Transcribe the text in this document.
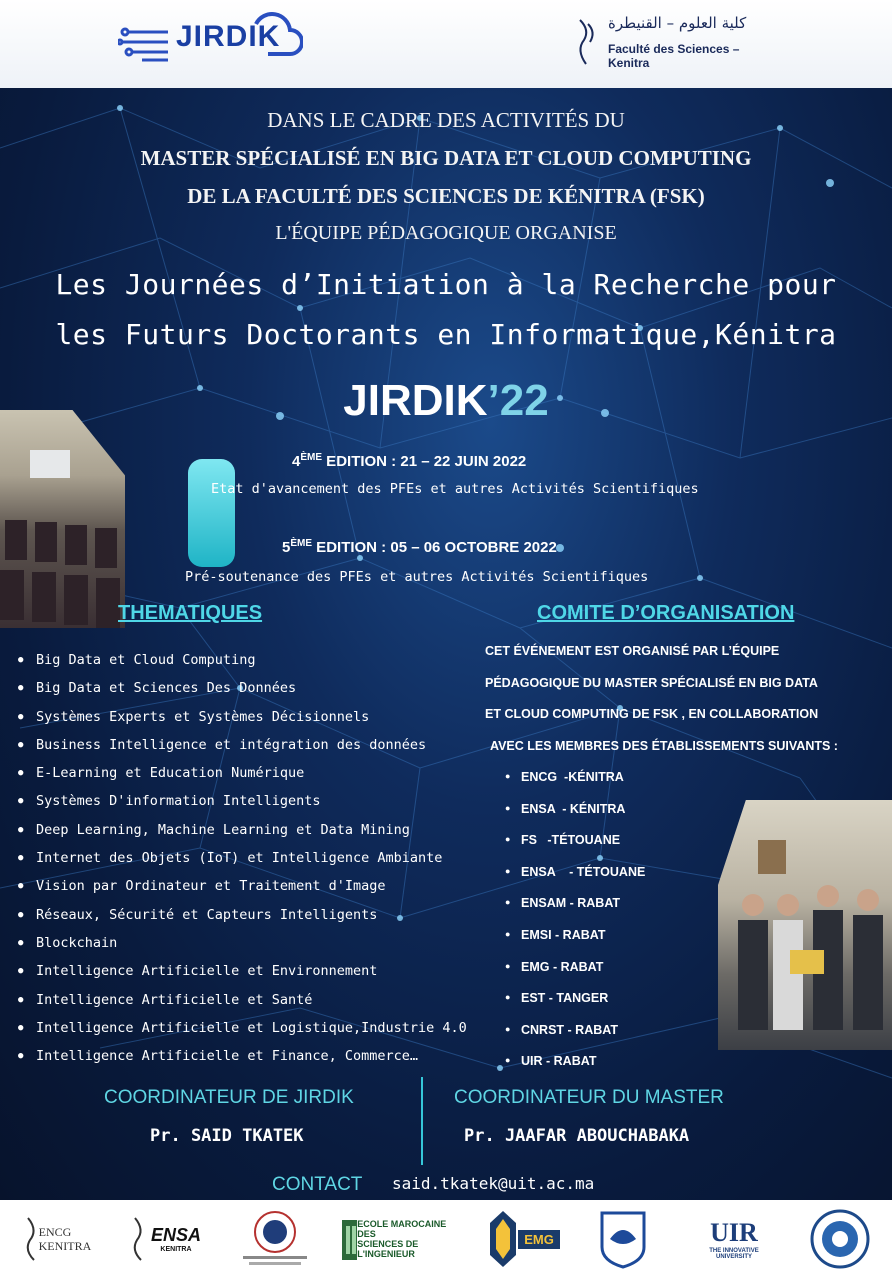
JIRDIK	كلية العلوم – القنيطرة
Faculté des Sciences – Kenitra
DANS LE CADRE DES ACTIVITÉS DU
MASTER SPÉCIALISÉ EN BIG DATA ET CLOUD COMPUTING
DE LA FACULTÉ DES SCIENCES DE KÉNITRA (FSK)
L'ÉQUIPE PÉDAGOGIQUE ORGANISE
Les Journées d’Initiation à la Recherche pour
les Futurs Doctorants en Informatique,Kénitra
JIRDIK’22
4ÈME EDITION : 21 – 22 JUIN 2022
Etat d'avancement des PFEs et autres Activités Scientifiques
5ÈME EDITION : 05 – 06 OCTOBRE 2022
Pré-soutenance des PFEs et autres Activités Scientifiques
THEMATIQUES
● Big Data et Cloud Computing
● Big Data et Sciences Des Données
● Systèmes Experts et Systèmes Décisionnels
● Business Intelligence et intégration des données
● E-Learning et Education Numérique
● Systèmes D'information Intelligents
● Deep Learning, Machine Learning et Data Mining
● Internet des Objets (IoT) et Intelligence Ambiante
● Vision par Ordinateur et Traitement d'Image
● Réseaux, Sécurité et Capteurs Intelligents
● Blockchain
● Intelligence Artificielle et Environnement
● Intelligence Artificielle et Santé
● Intelligence Artificielle et Logistique,Industrie 4.0
● Intelligence Artificielle et Finance, Commerce…
COMITE D’ORGANISATION
CET ÉVÉNEMENT EST ORGANISÉ PAR L’ÉQUIPE
PÉDAGOGIQUE DU MASTER SPÉCIALISÉ EN BIG DATA
ET CLOUD COMPUTING DE FSK , EN COLLABORATION
AVEC LES MEMBRES DES ÉTABLISSEMENTS SUIVANTS :
● ENCG  -KÉNITRA
● ENSA  - KÉNITRA
● FS   -TÉTOUANE
● ENSA    - TÉTOUANE
● ENSAM - RABAT
● EMSI - RABAT
● EMG - RABAT
● EST - TANGER
● CNRST - RABAT
● UIR - RABAT
COORDINATEUR DE JIRDIK
Pr. SAID TKATEK
COORDINATEUR DU MASTER
Pr. JAAFAR ABOUCHABAKA
CONTACT said.tkatek@uit.ac.ma
ENCG KENITRA
ENSA
KENITRA
ECOLE MAROCAINE DES
SCIENCES DE L'INGENIEUR
EMG	UIR
THE INNOVATIVE UNIVERSITY
